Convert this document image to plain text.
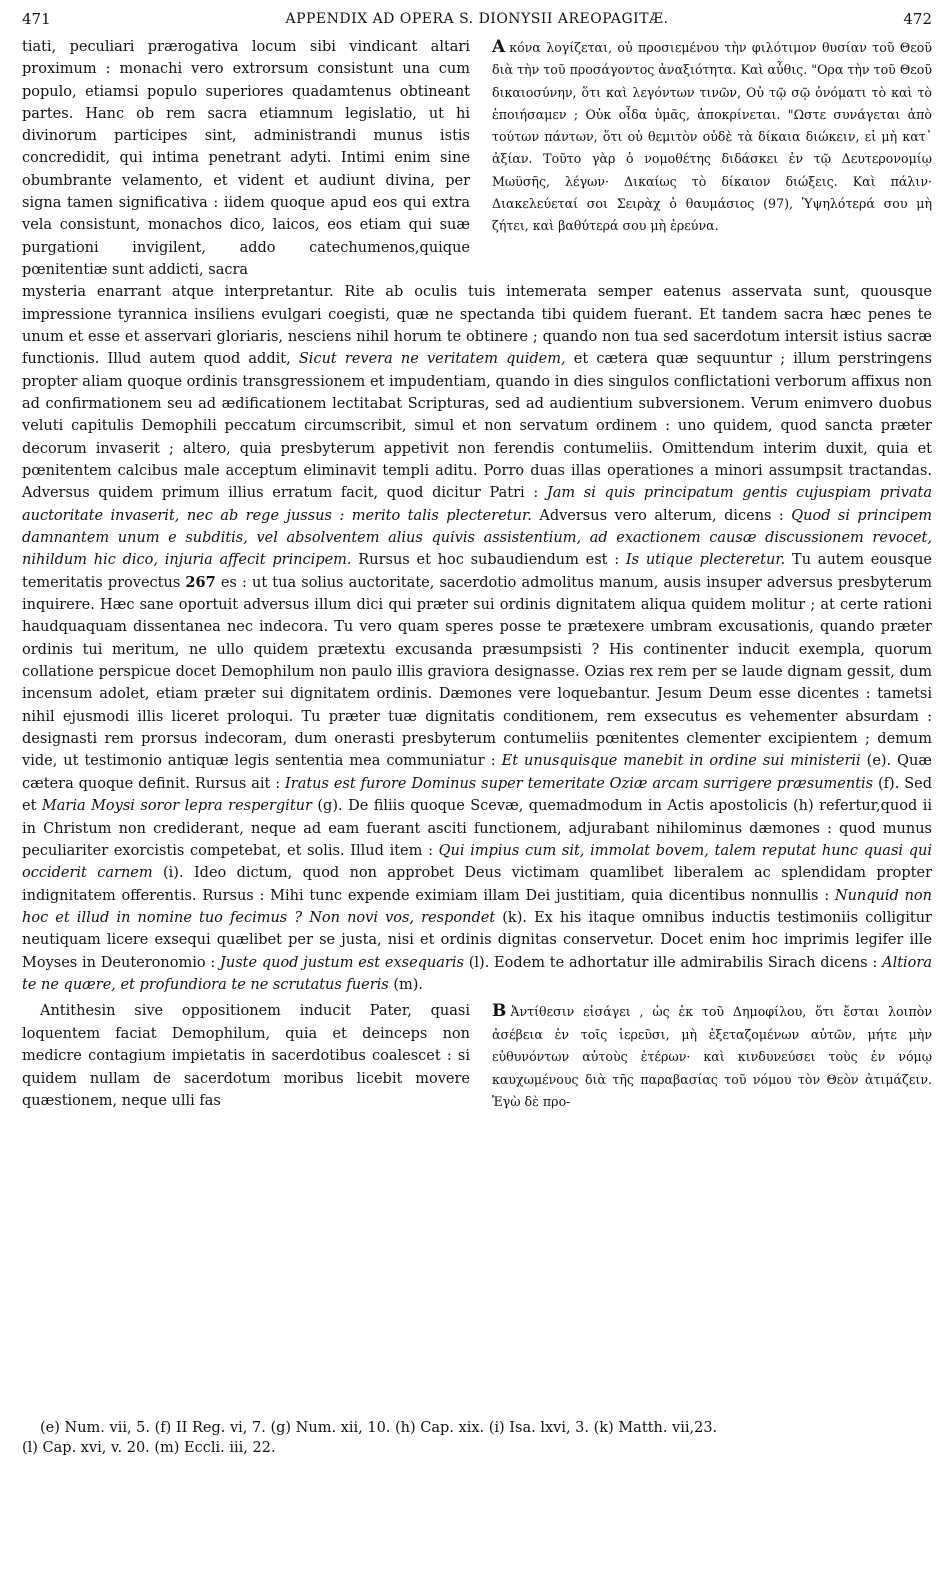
471	APPENDIX AD OPERA S. DIONYSII AREOPAGITÆ.	472
tiati, peculiari prærogativa locum sibi vindicant altari proximum : monachi vero extrorsum consistunt una cum populo, etiamsi populo superiores quadamtenus obtineant partes. Hanc ob rem sacra etiamnum legislatio, ut hi divinorum participes sint, administrandi munus istis concredidit, qui intima penetrant adyti. Intimi enim sine obumbrante velamento, et vident et audiunt divina, per signa tamen significativa : iidem quoque apud eos qui extra vela consistunt, monachos dico, laicos, eos etiam qui suæ purgationi invigilent, addo catechumenos,quique pœnitentiæ sunt addicti, sacra
A κόνα λογίζεται, οὐ προσιεμένου τὴν φιλότιμον θυσίαν τοῦ Θεοῦ διὰ τὴν τοῦ προσάγοντος ἀναξιότητα. Καὶ αὖθις. "Ορα τὴν τοῦ Θεοῦ δικαιοσύνην, ὅτι καὶ λεγόντων τινῶν, Οὐ τῷ σῷ ὀνόματι τὸ καὶ τὸ ἐποιήσαμεν ; Οὐκ οἶδα ὑμᾶς, ἀποκρίνεται. "Ωστε συνάγεται ἀπὸ τούτων πάντων, ὅτι οὐ θεμιτὸν οὐδὲ τὰ δίκαια διώκειν, εἰ μὴ κατ᾽ ἀξίαν. Τοῦτο γὰρ ὁ νομοθέτης διδάσκει ἐν τῷ Δευτερονομίῳ Μωϋσῆς, λέγων· Δικαίως τὸ δίκαιον διώξεις. Καὶ πάλιν· Διακελεύεταί σοι Σειρὰχ ὁ θαυμάσιος (97), Ὑψηλότερά σου μὴ ζήτει, καὶ βαθύτερά σου μὴ ἐρεύνα.

mysteria enarrant atque interpretantur. Rite ab oculis tuis intemerata semper eatenus asservata sunt, quousque impressione tyrannica insiliens evulgari coegisti, quæ ne spectanda tibi quidem fuerant. Et tandem sacra hæc penes te unum et esse et asservari gloriaris, nesciens nihil horum te obtinere ; quando non tua sed sacerdotum intersit istius sacræ functionis. Illud autem quod addit, Sicut revera ne veritatem quidem, et cætera quæ sequuntur ; illum perstringens propter aliam quoque ordinis transgressionem et impudentiam, quando in dies singulos conflictationi verborum affixus non ad confirmationem seu ad ædificationem lectitabat Scripturas, sed ad audientium subversionem. Verum enimvero duobus veluti capitulis Demophili peccatum circumscribit, simul et non servatum ordinem : uno quidem, quod sancta præter decorum invaserit ; altero, quia presbyterum appetivit non ferendis contumeliis. Omittendum interim duxit, quia et pœnitentem calcibus male acceptum eliminavit templi aditu. Porro duas illas operationes a minori assumpsit tractandas. Adversus quidem primum illius erratum facit, quod dicitur Patri : Jam si quis principatum gentis cujuspiam privata auctoritate invaserit, nec ab rege jussus : merito talis plecteretur. Adversus vero alterum, dicens : Quod si principem damnantem unum e subditis, vel absolventem alius quivis assistentium, ad exactionem causæ discussionem revocet, nihildum hic dico, injuria affecit principem. Rursus et hoc subaudiendum est : Is utique plecteretur. Tu autem eousque temeritatis provectus 267 es : ut tua solius auctoritate, sacerdotio admolitus manum, ausis insuper adversus presbyterum inquirere. Hæc sane oportuit adversus illum dici qui præter sui ordinis dignitatem aliqua quidem molitur ; at certe rationi haudquaquam dissentanea nec indecora. Tu vero quam speres posse te prætexere umbram excusationis, quando præter ordinis tui meritum, ne ullo quidem prætextu excusanda præsumpsisti ? His continenter inducit exempla, quorum collatione perspicue docet Demophilum non paulo illis graviora designasse. Ozias rex rem per se laude dignam gessit, dum incensum adolet, etiam præter sui dignitatem ordinis. Dæmones vere loquebantur. Jesum Deum esse dicentes : tametsi nihil ejusmodi illis liceret proloqui. Tu præter tuæ dignitatis conditionem, rem exsecutus es vehementer absurdam : designasti rem prorsus indecoram, dum onerasti presbyterum contumeliis pœnitentes clementer excipientem ; demum vide, ut testimonio antiquæ legis sententia mea communiatur : Et unusquisque manebit in ordine sui ministerii (e). Quæ cætera quoque definit. Rursus ait : Iratus est furore Dominus super temeritate Oziæ arcam surrigere præsumentis (f). Sed et Maria Moysi soror lepra respergitur (g). De filiis quoque Scevæ, quemadmodum in Actis apostolicis (h) refertur,quod ii in Christum non crediderant, neque ad eam fuerant asciti functionem, adjurabant nihilominus dæmones : quod munus peculiariter exorcistis competebat, et solis. Illud item : Qui impius cum sit, immolat bovem, talem reputat hunc quasi qui occiderit carnem (i). Ideo dictum, quod non approbet Deus victimam quamlibet liberalem ac splendidam propter indignitatem offerentis. Rursus : Mihi tunc expende eximiam illam Dei justitiam, quia dicentibus nonnullis : Nunquid non hoc et illud in nomine tuo fecimus ? Non novi vos, respondet (k). Ex his itaque omnibus inductis testimoniis colligitur neutiquam licere exsequi quælibet per se justa, nisi et ordinis dignitas conservetur. Docet enim hoc imprimis legifer ille Moyses in Deuteronomio : Juste quod justum est exsequaris (l). Eodem te adhortatur ille admirabilis Sirach dicens : Altiora te ne quære, et profundiora te ne scrutatus fueris (m).

Antithesin sive oppositionem inducit Pater, quasi loquentem faciat Demophilum, quia et deinceps non medicre contagium impietatis in sacerdotibus coalescet : si quidem nullam de sacerdotum moribus licebit movere quæstionem, neque ulli fas
B Ἀντίθεσιν εἰσάγει , ὡς ἐκ τοῦ Δημοφίλου, ὅτι ἔσται λοιπὸν ἀσέβεια ἐν τοῖς ἱερεῦσι, μὴ ἐξεταζομένων αὐτῶν, μήτε μὴν εὐθυνόντων αὐτοὺς ἑτέρων· καὶ κινδυνεύσει τοὺς ἐν νόμῳ καυχωμένους διὰ τῆς παραβασίας τοῦ νόμου τὸν Θεὸν ἀτιμάζειν. Ἐγὼ δὲ προ-

(e) Num. vii, 5. (f) II Reg. vi, 7. (g) Num. xii, 10. (h) Cap. xix. (i) Isa. lxvi, 3. (k) Matth. vii,23.

(l) Cap. xvi, v. 20. (m) Eccli. iii, 22.
